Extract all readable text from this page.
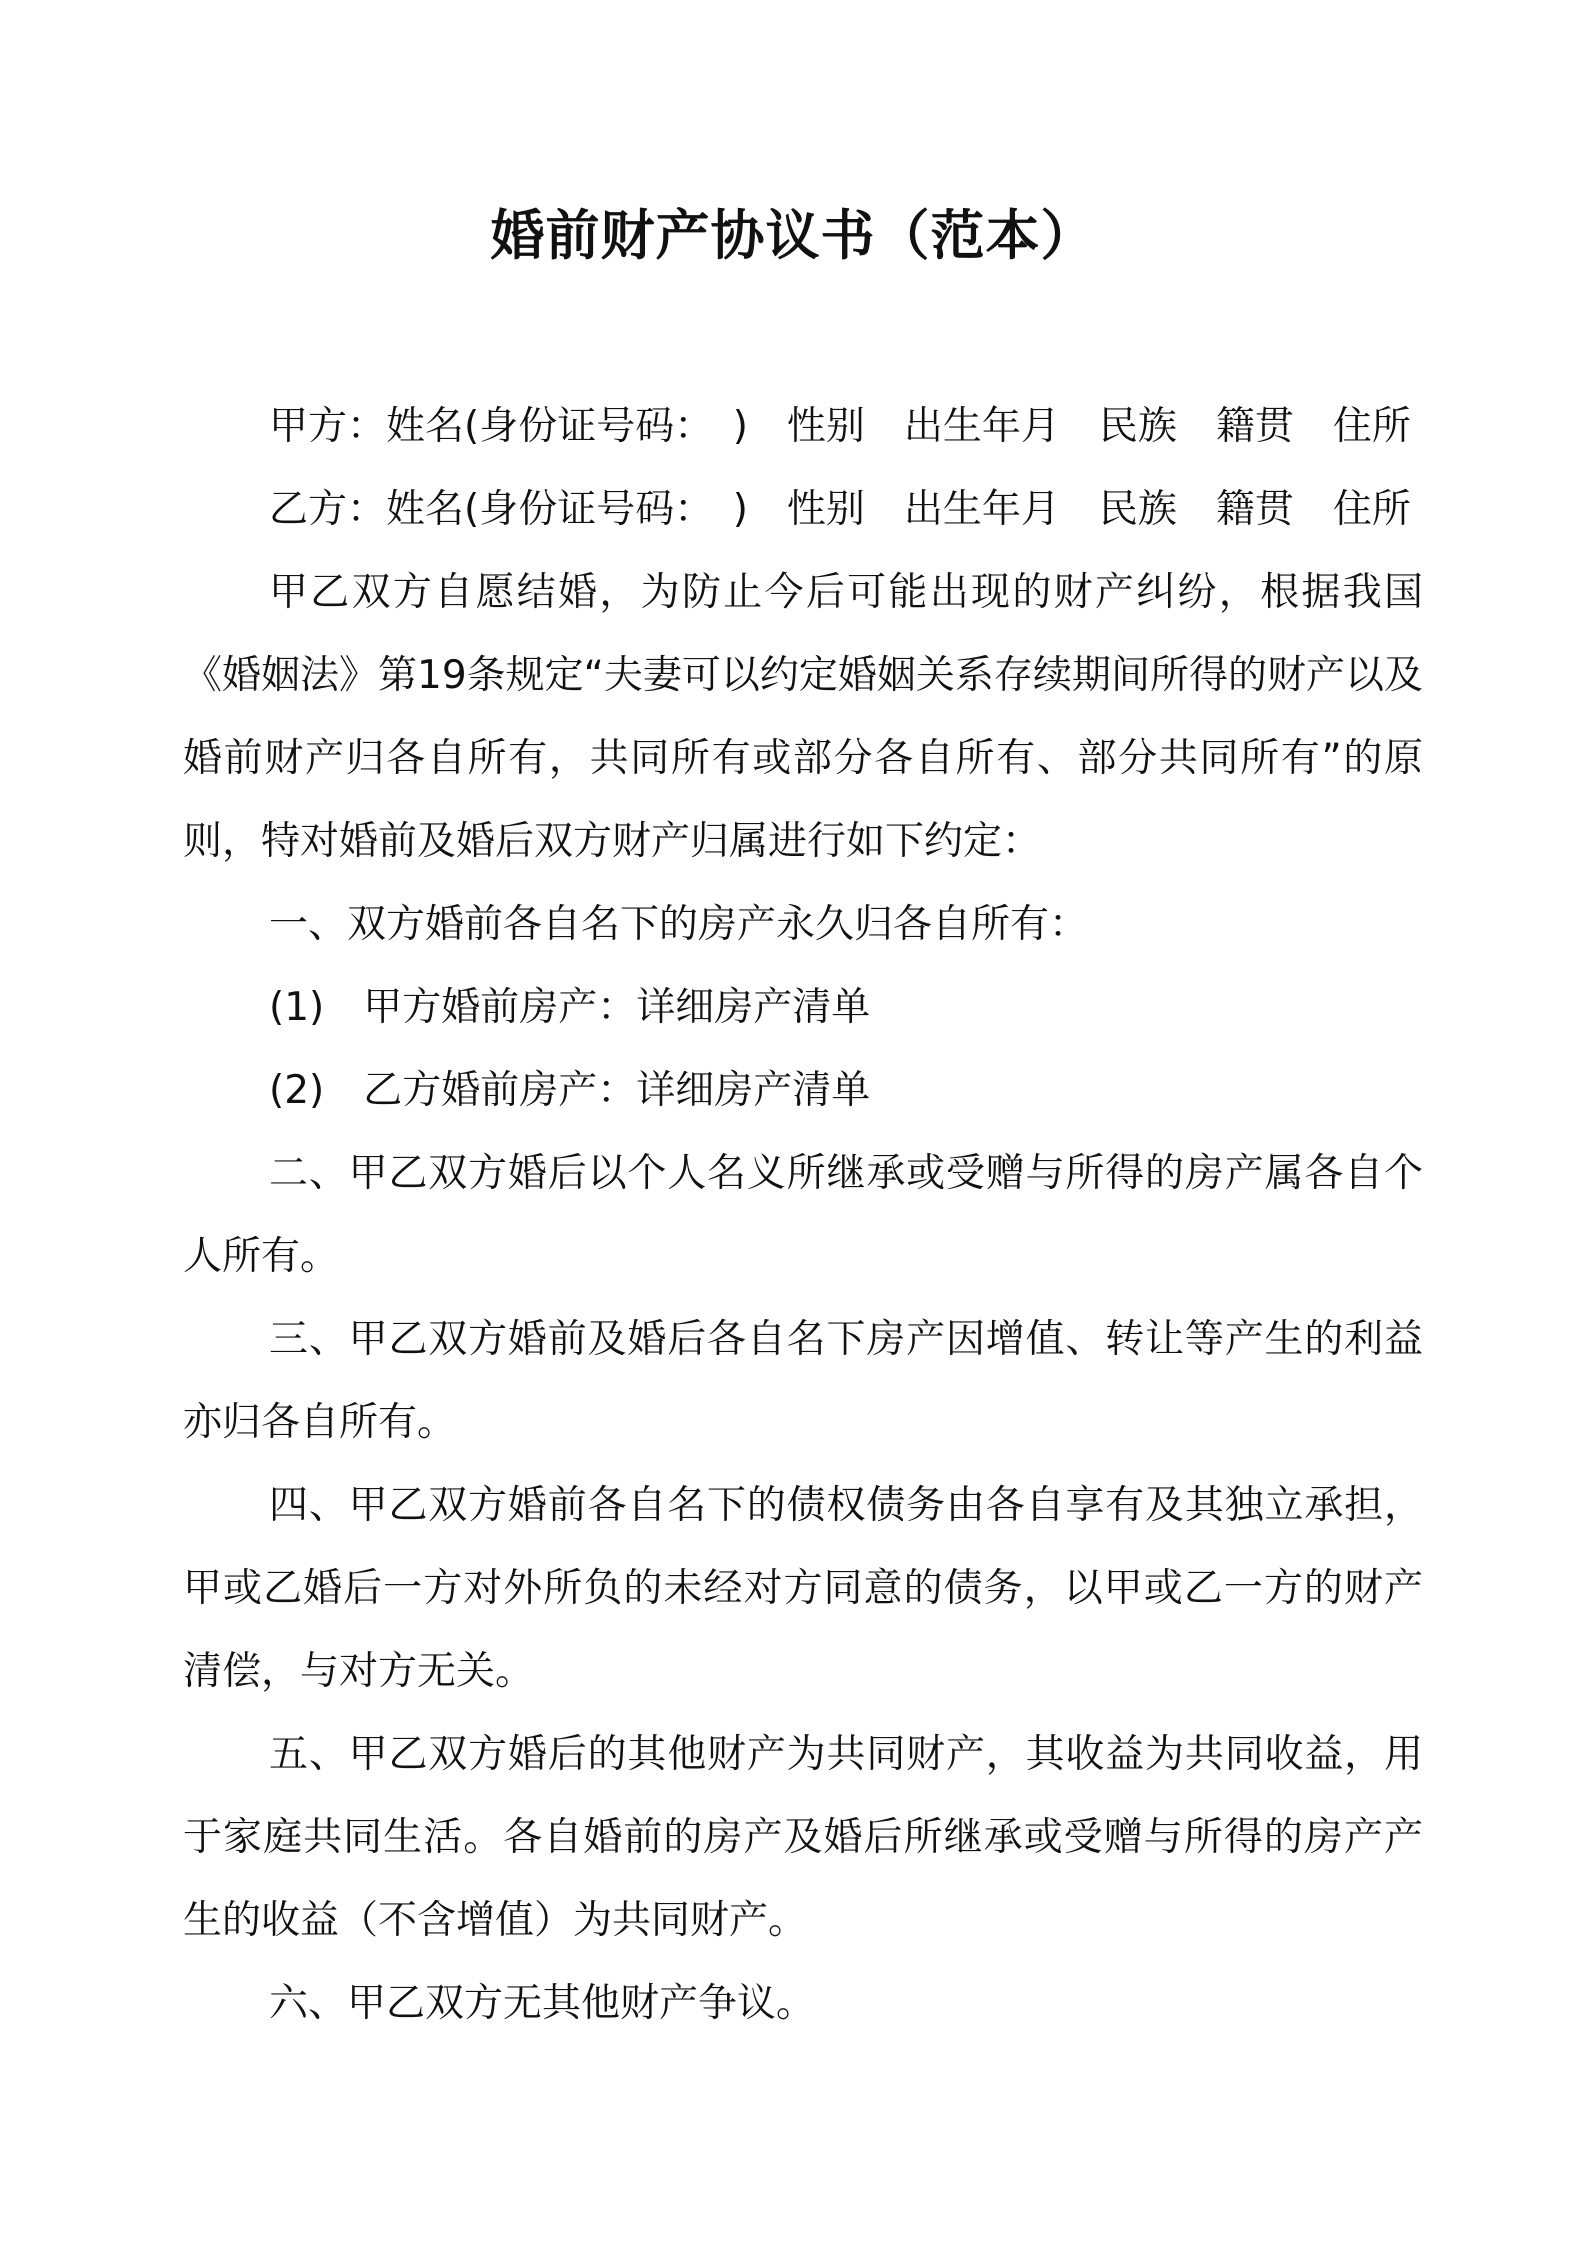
婚前财产协议书（范本）

甲方：姓名(身份证号码：　)　性别　出生年月　民族　籍贯　住所

乙方：姓名(身份证号码：　)　性别　出生年月　民族　籍贯　住所

甲乙双方自愿结婚，为防止今后可能出现的财产纠纷，根据我国《婚姻法》第19条规定“夫妻可以约定婚姻关系存续期间所得的财产以及婚前财产归各自所有，共同所有或部分各自所有、部分共同所有”的原则，特对婚前及婚后双方财产归属进行如下约定：

一、双方婚前各自名下的房产永久归各自所有：

(1)　甲方婚前房产：详细房产清单

(2)　乙方婚前房产：详细房产清单

二、甲乙双方婚后以个人名义所继承或受赠与所得的房产属各自个人所有。

三、甲乙双方婚前及婚后各自名下房产因增值、转让等产生的利益亦归各自所有。

四、甲乙双方婚前各自名下的债权债务由各自享有及其独立承担，甲或乙婚后一方对外所负的未经对方同意的债务，以甲或乙一方的财产清偿，与对方无关。

五、甲乙双方婚后的其他财产为共同财产，其收益为共同收益，用于家庭共同生活。各自婚前的房产及婚后所继承或受赠与所得的房产产生的收益（不含增值）为共同财产。

六、甲乙双方无其他财产争议。
